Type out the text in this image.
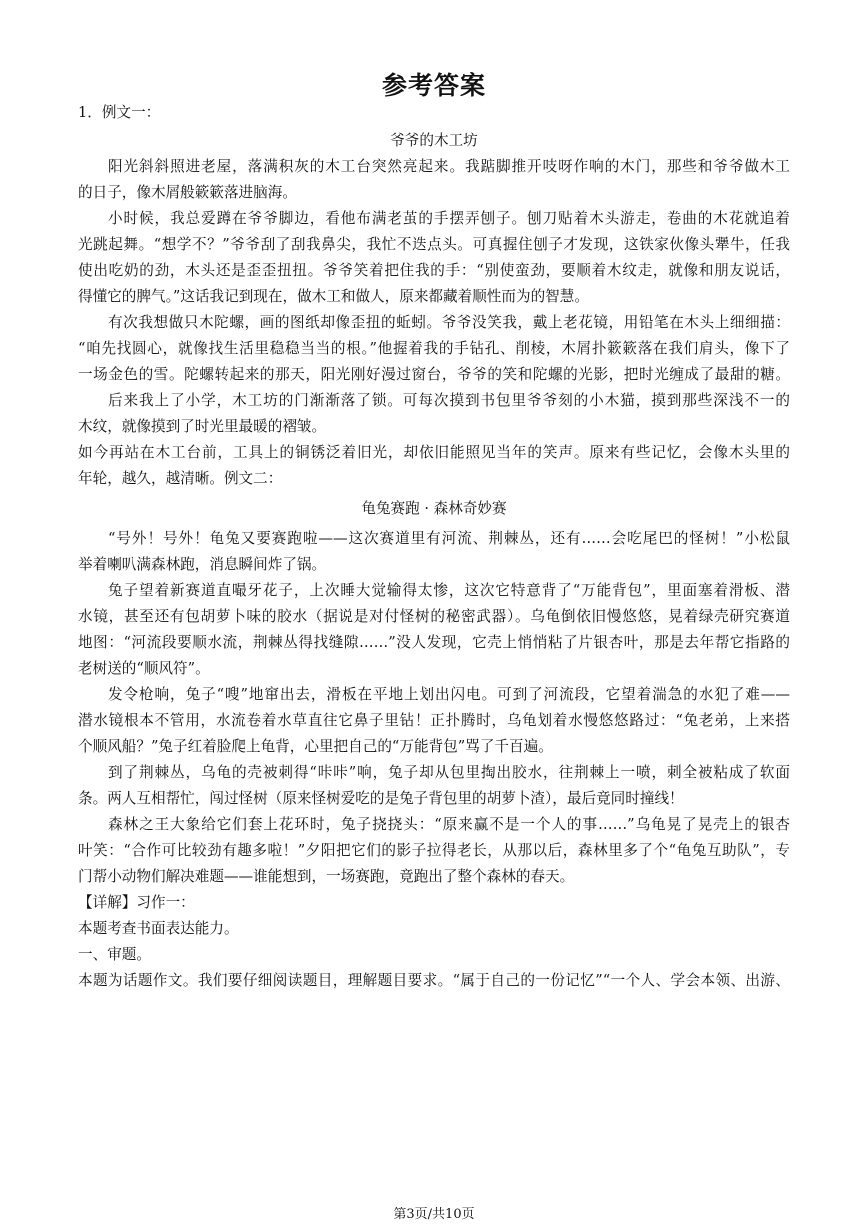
参考答案
1．例文一：
爷爷的木工坊
阳光斜斜照进老屋，落满积灰的木工台突然亮起来。我踮脚推开吱呀作响的木门，那些和爷爷做木工
的日子，像木屑般簌簌落进脑海。
小时候，我总爱蹲在爷爷脚边，看他布满老茧的手摆弄刨子。刨刀贴着木头游走，卷曲的木花就追着
光跳起舞。“想学不？”爷爷刮了刮我鼻尖，我忙不迭点头。可真握住刨子才发现，这铁家伙像头犟牛，任我
使出吃奶的劲，木头还是歪歪扭扭。爷爷笑着把住我的手：“别使蛮劲，要顺着木纹走，就像和朋友说话，
得懂它的脾气。”这话我记到现在，做木工和做人，原来都藏着顺性而为的智慧。
有次我想做只木陀螺，画的图纸却像歪扭的蚯蚓。爷爷没笑我，戴上老花镜，用铅笔在木头上细细描：
“咱先找圆心，就像找生活里稳稳当当的根。”他握着我的手钻孔、削棱，木屑扑簌簌落在我们肩头，像下了
一场金色的雪。陀螺转起来的那天，阳光刚好漫过窗台，爷爷的笑和陀螺的光影，把时光缠成了最甜的糖。
后来我上了小学，木工坊的门渐渐落了锁。可每次摸到书包里爷爷刻的小木猫，摸到那些深浅不一的
木纹，就像摸到了时光里最暖的褶皱。
如今再站在木工台前，工具上的铜锈泛着旧光，却依旧能照见当年的笑声。原来有些记忆，会像木头里的
年轮，越久，越清晰。例文二：
龟兔赛跑 · 森林奇妙赛
“号外！号外！龟兔又要赛跑啦——这次赛道里有河流、荆棘丛，还有……会吃尾巴的怪树！”小松鼠
举着喇叭满森林跑，消息瞬间炸了锅。
兔子望着新赛道直嘬牙花子，上次睡大觉输得太惨，这次它特意背了“万能背包”，里面塞着滑板、潜
水镜，甚至还有包胡萝卜味的胶水（据说是对付怪树的秘密武器）。乌龟倒依旧慢悠悠，晃着绿壳研究赛道
地图：“河流段要顺水流，荆棘丛得找缝隙……”没人发现，它壳上悄悄粘了片银杏叶，那是去年帮它指路的
老树送的“顺风符”。
发令枪响，兔子“嗖”地窜出去，滑板在平地上划出闪电。可到了河流段，它望着湍急的水犯了难——
潜水镜根本不管用，水流卷着水草直往它鼻子里钻！正扑腾时，乌龟划着水慢悠悠路过：“兔老弟，上来搭
个顺风船？”兔子红着脸爬上龟背，心里把自己的“万能背包”骂了千百遍。
到了荆棘丛，乌龟的壳被刺得“咔咔”响，兔子却从包里掏出胶水，往荆棘上一喷，刺全被粘成了软面
条。两人互相帮忙，闯过怪树（原来怪树爱吃的是兔子背包里的胡萝卜渣），最后竟同时撞线！
森林之王大象给它们套上花环时，兔子挠挠头：“原来赢不是一个人的事……”乌龟晃了晃壳上的银杏
叶笑：“合作可比较劲有趣多啦！”夕阳把它们的影子拉得老长，从那以后，森林里多了个“龟兔互助队”，专
门帮小动物们解决难题——谁能想到，一场赛跑，竟跑出了整个森林的春天。
【详解】习作一：
本题考查书面表达能力。
一、审题。
本题为话题作文。我们要仔细阅读题目，理解题目要求。“属于自己的一份记忆”“一个人、学会本领、出游、
第3页/共10页
